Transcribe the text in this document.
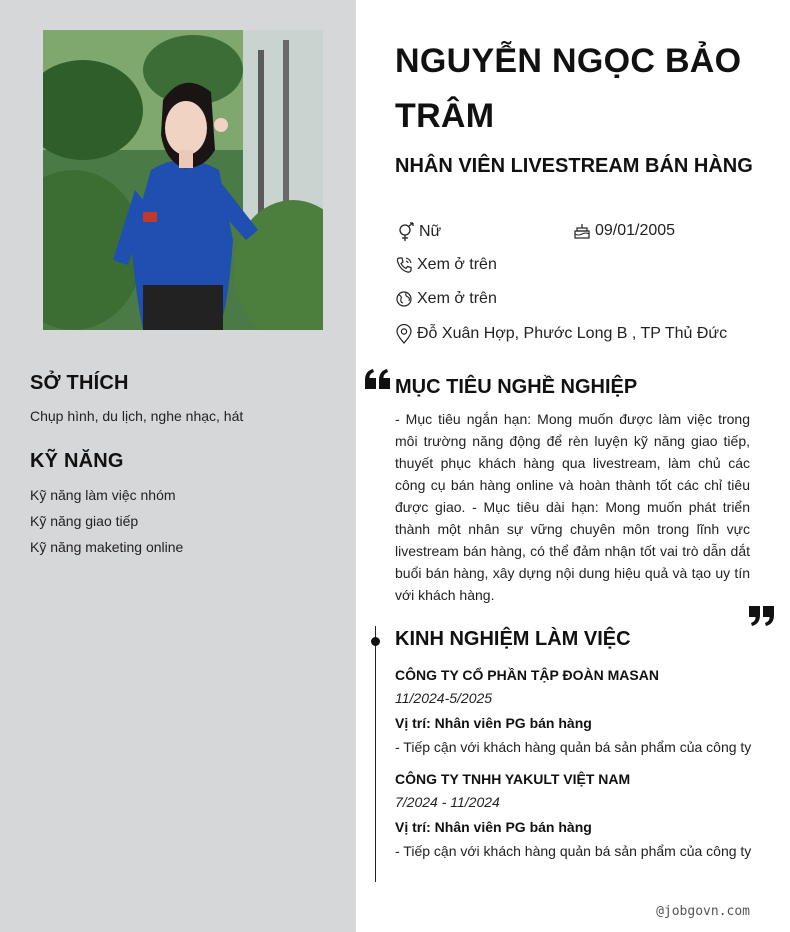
SỞ THÍCH
Chụp hình, du lịch, nghe nhạc, hát
KỸ NĂNG
Kỹ năng làm việc nhóm
Kỹ năng giao tiếp
Kỹ năng maketing online
NGUYỄN NGỌC BẢO TRÂM
NHÂN VIÊN LIVESTREAM BÁN HÀNG
Nữ	09/01/2005
Xem ở trên
Xem ở trên
Đỗ Xuân Hợp, Phước Long B , TP Thủ Đức
MỤC TIÊU NGHỀ NGHIỆP

- Mục tiêu ngắn hạn: Mong muốn được làm việc trong môi trường năng động để rèn luyện kỹ năng giao tiếp, thuyết phục khách hàng qua livestream, làm chủ các công cụ bán hàng online và hoàn thành tốt các chỉ tiêu được giao. - Mục tiêu dài hạn: Mong muốn phát triển thành một nhân sự vững chuyên môn trong lĩnh vực livestream bán hàng, có thể đảm nhận tốt vai trò dẫn dắt buổi bán hàng, xây dựng nội dung hiệu quả và tạo uy tín với khách hàng.

KINH NGHIỆM LÀM VIỆC
CÔNG TY CỔ PHẦN TẬP ĐOÀN MASAN
11/2024-5/2025
Vị trí: Nhân viên PG bán hàng
- Tiếp cận với khách hàng quản bá sản phẩm của công ty
CÔNG TY TNHH YAKULT VIỆT NAM
7/2024 - 11/2024
Vị trí: Nhân viên PG bán hàng
- Tiếp cận với khách hàng quản bá sản phẩm của công ty
@jobgovn.com
